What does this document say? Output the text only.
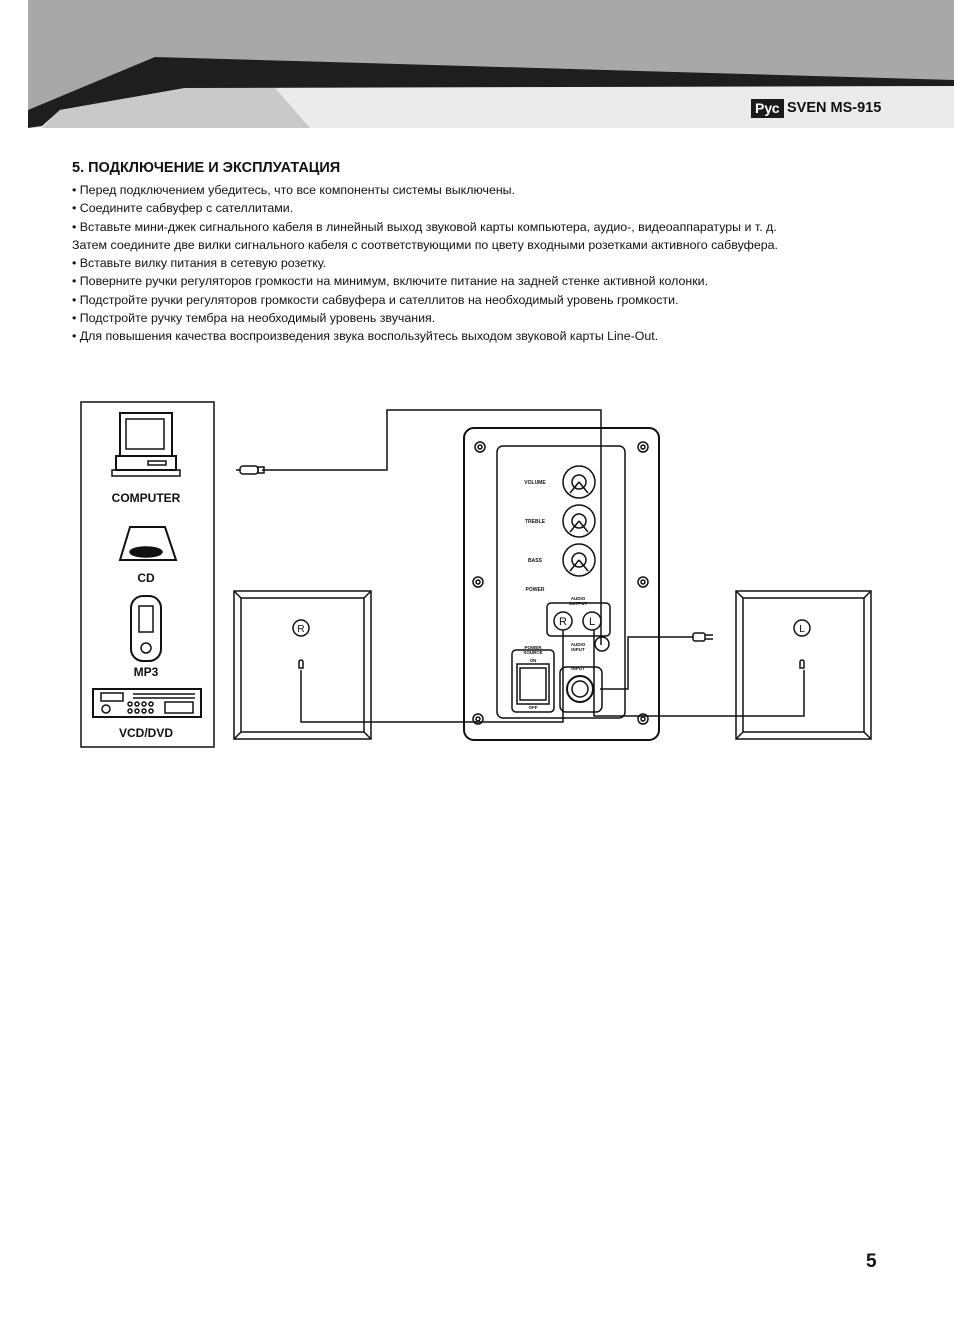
Рус SVEN MS-915
5. ПОДКЛЮЧЕНИЕ И ЭКСПЛУАТАЦИЯ

• Перед подключением убедитесь, что все компоненты системы выключены.

• Соедините сабвуфер с сателлитами.

• Вставьте мини-джек сигнального кабеля в линейный выход звуковой карты компьютера, аудио-, видеоаппаратуры и т. д.

Затем соедините две вилки сигнального кабеля с соответствующими по цвету входными розетками активного сабвуфера.

• Вставьте вилку питания в сетевую розетку.

• Поверните ручки регуляторов громкости на минимум, включите питание на задней стенке активной колонки.

• Подстройте ручки регуляторов громкости сабвуфера и сателлитов на необходимый уровень громкости.

• Подстройте ручку тембра на необходимый уровень звучания.

• Для повышения качества воспроизведения звука воспользуйтесь выходом звуковой карты Line-Out.

COMPUTER
CD
MP3
VCD/DVD
VOLUME
TREBLE
BASS
POWER
AUDIO
OUTPUT
AUDIO
INPUT
POWER
SOURCE
ON
OFF
INPUT
R L
R	L
5
